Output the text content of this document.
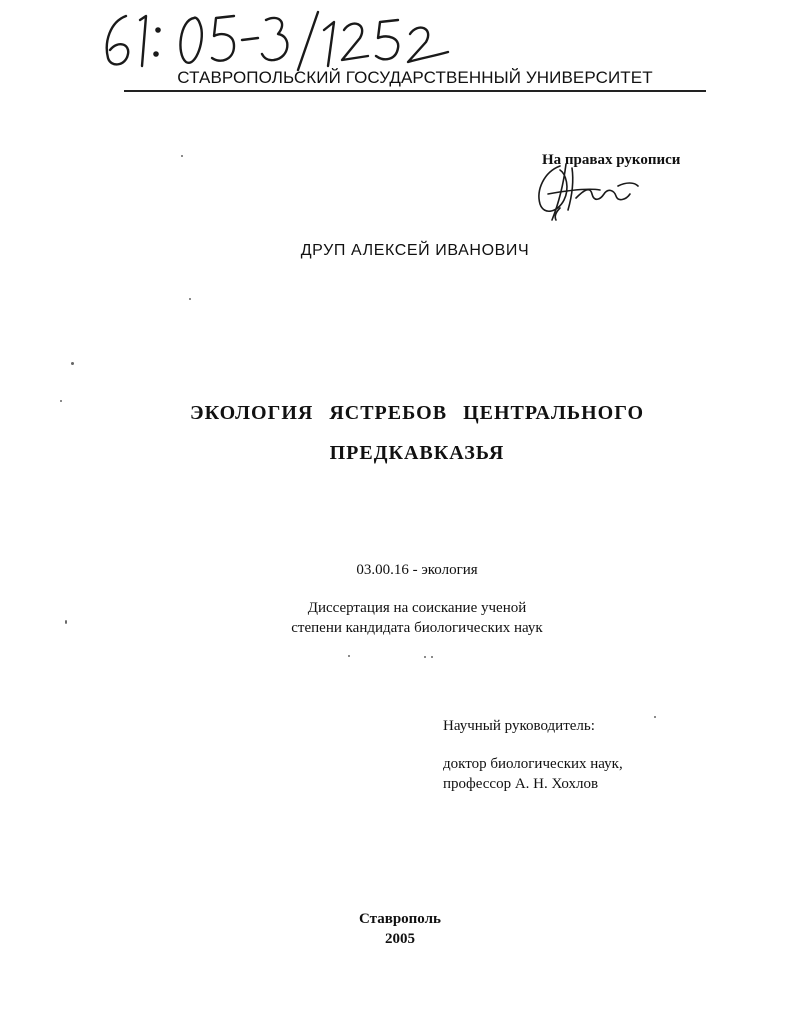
СТАВРОПОЛЬСКИЙ ГОСУДАРСТВЕННЫЙ УНИВЕРСИТЕТ
На правах рукописи
ДРУП АЛЕКСЕЙ ИВАНОВИЧ
ЭКОЛОГИЯ ЯСТРЕБОВ ЦЕНТРАЛЬНОГО
ПРЕДКАВКАЗЬЯ
03.00.16 - экология
Диссертация на соискание ученой
степени кандидата биологических наук
Научный руководитель:
доктор биологических наук,
профессор А. Н. Хохлов
Ставрополь
2005
